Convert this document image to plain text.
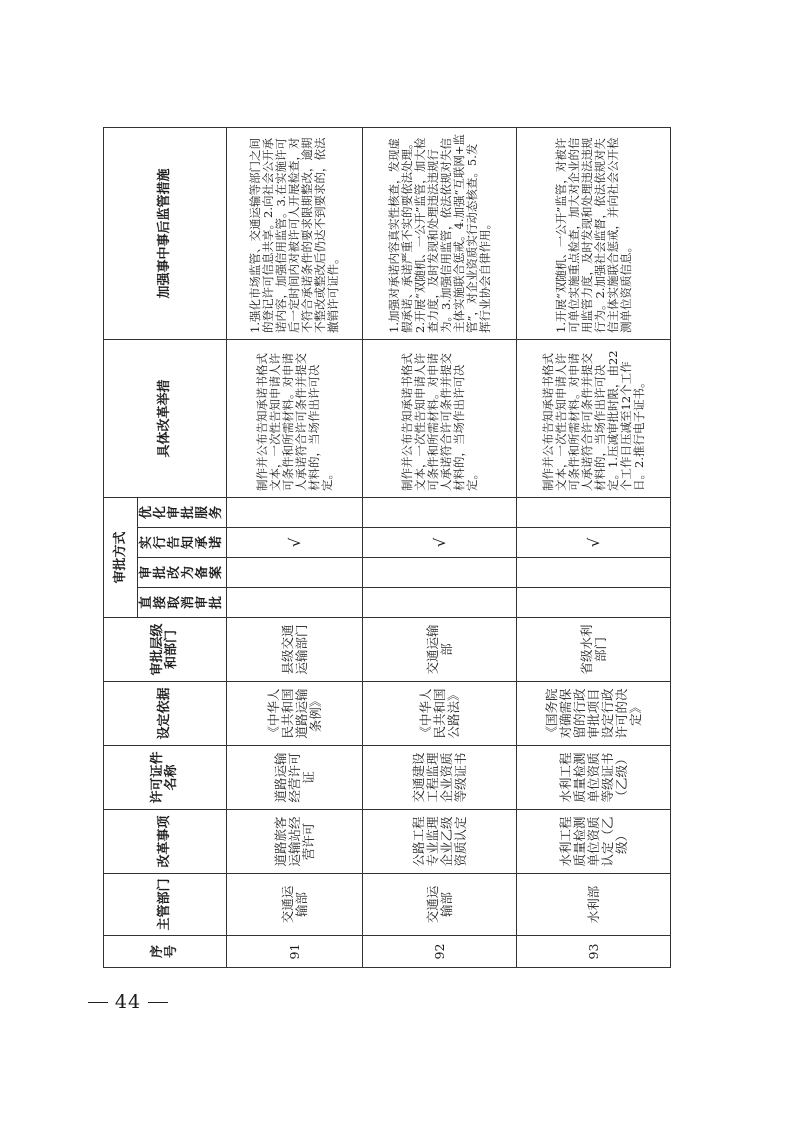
44
序号	主管部门	改革事项	许可证件名称	设定依据	审批层级和部门	审批方式				具体改革举措	加强事中事后监管措施
						直接取消审批	审批改为备案	实行告知承诺	优化审批服务		
91	交通运输部	道路旅客运输站经营许可	道路运输经营许可证	《中华人民共和国道路运输条例》	县级交通运输部门			√		制作并公布告知承诺书格式文本，一次性告知申请人许可条件和所需材料。对申请人承诺符合许可条件并提交材料的，当场作出许可决定。	1.强化市场监管、交通运输等部门之间的登记许可信息共享。2.向社会公开承诺内容，加强信用监管。3.在实施许可后一定时间内对被许可人开展检查，对不符合承诺条件的要求限期整改，逾期不整改或整改后仍达不到要求的，依法撤销许可证件。
92	交通运输部	公路工程专业监理企业乙级资质认定	交通建设工程监理企业资质等级证书	《中华人民共和国公路法》	交通运输部			√		制作并公布告知承诺书格式文本，一次性告知申请人许可条件和所需材料。对申请人承诺符合许可条件并提交材料的，当场作出许可决定。	1.加强对承诺内容真实性核查，发现虚假承诺、承诺严重不实的要依法处理。2.开展“双随机、一公开”监管，加大检查力度，及时发现和处理违法违规行为。3.加强信用监管，依法依规对失信主体实施联合惩戒。4.加强“互联网+监管”，对企业资质实行动态核查。5.发挥行业协会自律作用。
93	水利部	水利工程质量检测单位资质认定（乙级）	水利工程质量检测单位资质等级证书（乙级）	《国务院对确需保留的行政审批项目设定行政许可的决定》	省级水利部门			√		制作并公布告知承诺书格式文本，一次性告知申请人许可条件和所需材料。对申请人承诺符合许可条件并提交材料的，当场作出许可决定。1.压减审批时限，由22个工作日压减至12个工作日。2.推行电子证书。	1.开展“双随机、一公开”监管，对被许可单位实施重点检查，加大对企业的信用监管力度，及时发现和处理违法违规行为。2.加强社会监督，依法依规对失信主体实施联合惩戒，并向社会公开检测单位资质信息。
